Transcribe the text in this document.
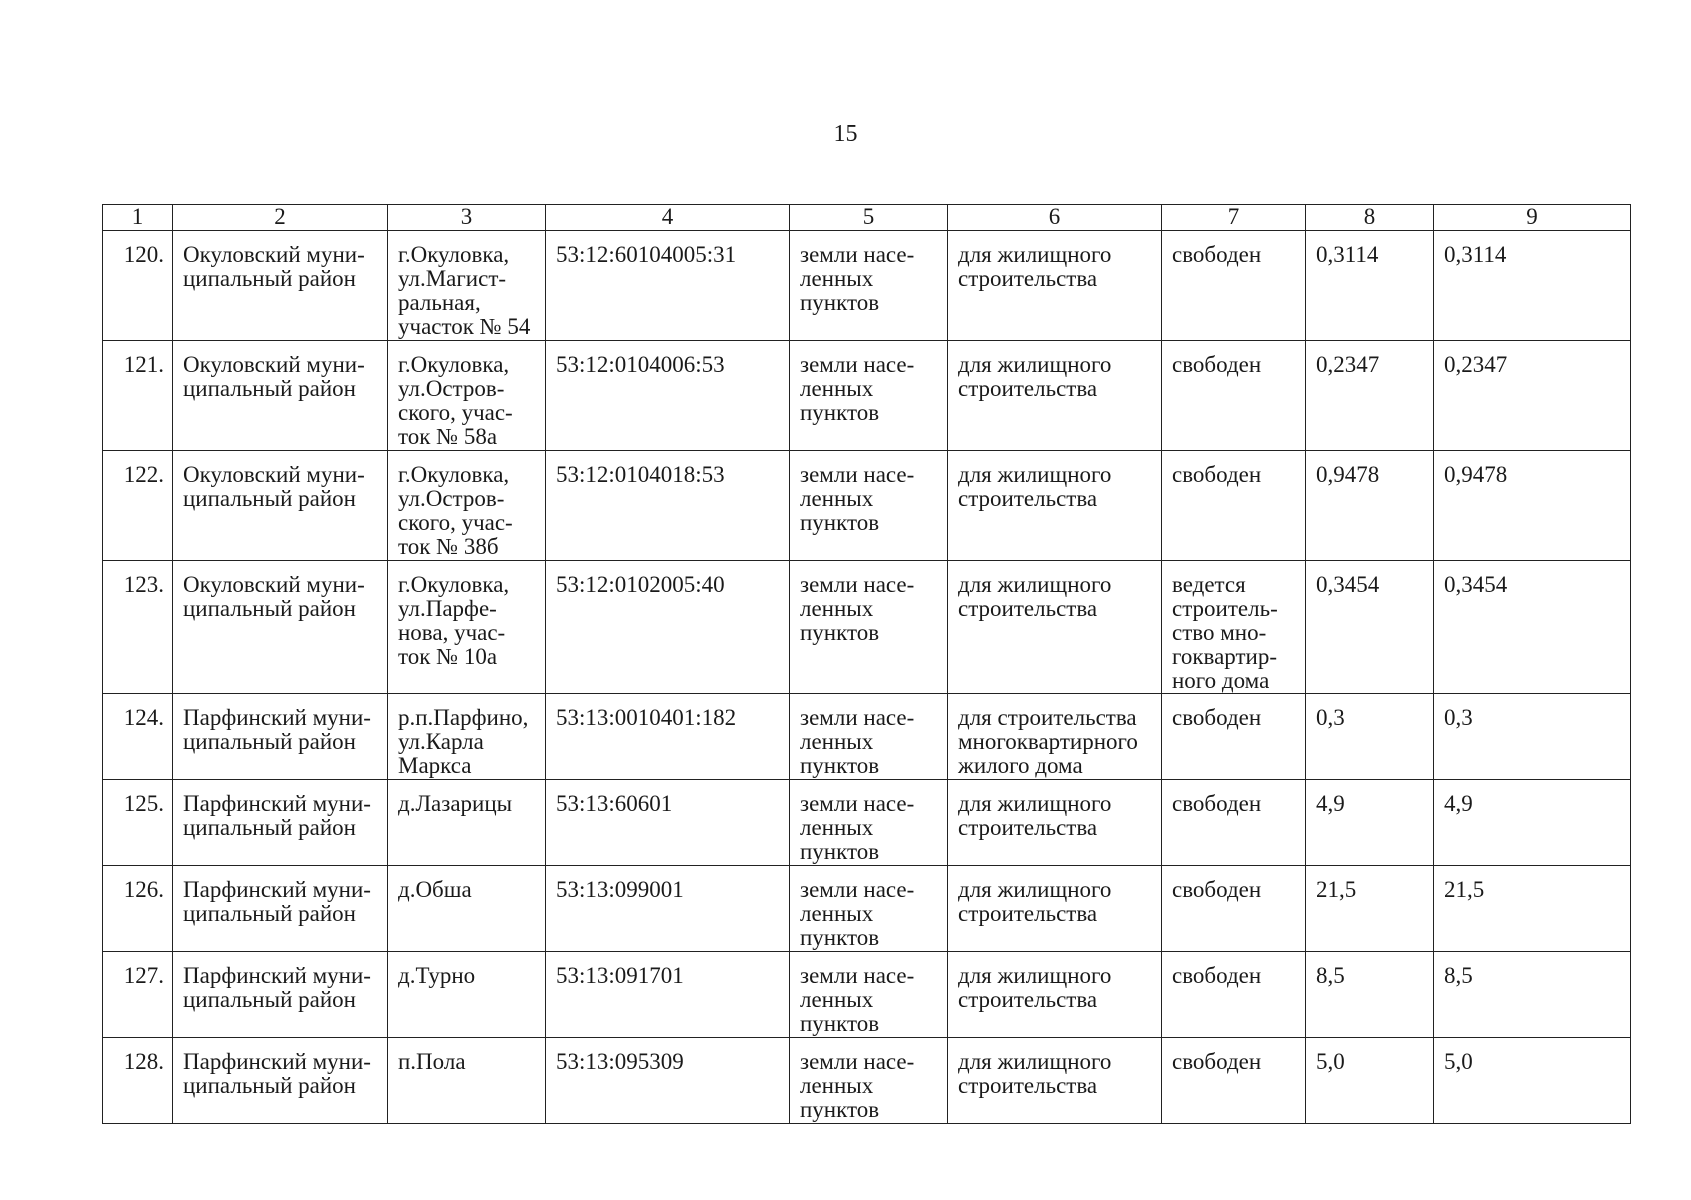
15
1	2	3	4	5	6	7	8	9
120.	Окуловский муни-
ципальный район	г.Окуловка,
ул.Магист-
ральная,
участок № 54	53:12:60104005:31	земли насе-
ленных
пунктов	для жилищного
строительства	свободен	0,3114	0,3114
121.	Окуловский муни-
ципальный район	г.Окуловка,
ул.Остров-
ского, учас-
ток № 58а	53:12:0104006:53	земли насе-
ленных
пунктов	для жилищного
строительства	свободен	0,2347	0,2347
122.	Окуловский муни-
ципальный район	г.Окуловка,
ул.Остров-
ского, учас-
ток № 38б	53:12:0104018:53	земли насе-
ленных
пунктов	для жилищного
строительства	свободен	0,9478	0,9478
123.	Окуловский муни-
ципальный район	г.Окуловка,
ул.Парфе-
нова, учас-
ток № 10а	53:12:0102005:40	земли насе-
ленных
пунктов	для жилищного
строительства	ведется
строитель-
ство мно-
гоквартир-
ного дома	0,3454	0,3454
124.	Парфинский муни-
ципальный район	р.п.Парфино,
ул.Карла
Маркса	53:13:0010401:182	земли насе-
ленных
пунктов	для строительства
многоквартирного
жилого дома	свободен	0,3	0,3
125.	Парфинский муни-
ципальный район	д.Лазарицы	53:13:60601	земли насе-
ленных
пунктов	для жилищного
строительства	свободен	4,9	4,9
126.	Парфинский муни-
ципальный район	д.Обша	53:13:099001	земли насе-
ленных
пунктов	для жилищного
строительства	свободен	21,5	21,5
127.	Парфинский муни-
ципальный район	д.Турно	53:13:091701	земли насе-
ленных
пунктов	для жилищного
строительства	свободен	8,5	8,5
128.	Парфинский муни-
ципальный район	п.Пола	53:13:095309	земли насе-
ленных
пунктов	для жилищного
строительства	свободен	5,0	5,0
